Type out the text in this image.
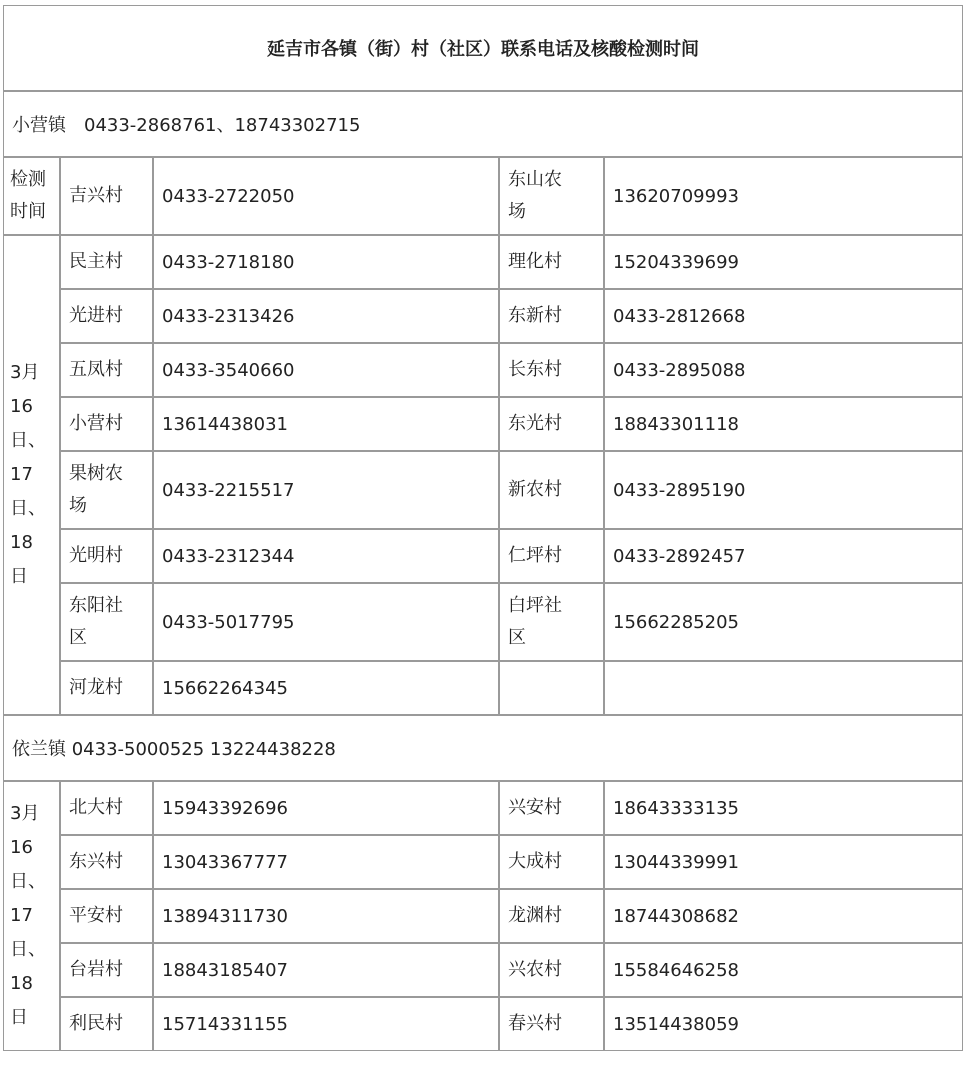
延吉市各镇（街）村（社区）联系电话及核酸检测时间				
小营镇　0433-2868761、18743302715				

检测时间	吉兴村	0433-2722050	东山农场	13620709993

3月16日、17日、18日	民主村	0433-2718180	理化村	15204339699

	光进村	0433-2313426	东新村	0433-2812668

	五凤村	0433-3540660	长东村	0433-2895088

	小营村	13614438031	东光村	18843301118

	果树农场	0433-2215517	新农村	0433-2895190

	光明村	0433-2312344	仁坪村	0433-2892457

	东阳社区	0433-5017795	白坪社区	15662285205

	河龙村	15662264345	

依兰镇 0433-5000525 13224438228				

3月16日、17日、18日	北大村	15943392696	兴安村	18643333135

	东兴村	13043367777	大成村	13044339991

	平安村	13894311730	龙渊村	18744308682

	台岩村	18843185407	兴农村	15584646258

	利民村	15714331155	春兴村	13514438059
